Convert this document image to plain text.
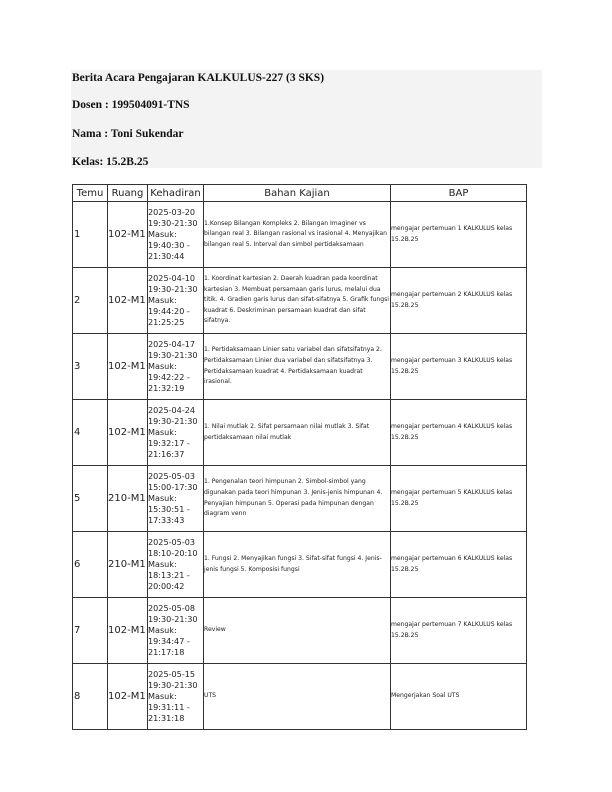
Berita Acara Pengajaran KALKULUS-227 (3 SKS)
Dosen : 199504091-TNS
Nama : Toni Sukendar
Kelas: 15.2B.25
Temu	Ruang	Kehadiran	Bahan Kajian	BAP
1	102-M1	2025-03-20 19:30-21:30 Masuk: 19:40:30 - 21:30:44	1.Konsep Bilangan Kompleks 2. Bilangan Imaginer vs bilangan real 3. Bilangan rasional vs irasional 4. Menyajikan bilangan real 5. Interval dan simbol pertidaksamaan	mengajar pertemuan 1 KALKULUS kelas 15.2B.25
2	102-M1	2025-04-10 19:30-21:30 Masuk: 19:44:20 - 21:25:25	1. Koordinat kartesian 2. Daerah kuadran pada koordinat kartesian 3. Membuat persamaan garis lurus, melalui dua titik. 4. Gradien garis lurus dan sifat-sifatnya 5. Grafik fungsi kuadrat 6. Deskriminan persamaan kuadrat dan sifat sifatnya.	mengajar pertemuan 2 KALKULUS kelas 15.2B.25
3	102-M1	2025-04-17 19:30-21:30 Masuk: 19:42:22 - 21:32:19	1. Pertidaksamaan Linier satu variabel dan sifatsifatnya 2. Pertidaksamaan Linier dua variabel dan sifatsifatnya 3. Pertidaksamaan kuadrat 4. Pertidaksamaan kuadrat irasional.	mengajar pertemuan 3 KALKULUS kelas 15.2B.25
4	102-M1	2025-04-24 19:30-21:30 Masuk: 19:32:17 - 21:16:37	1. Nilai mutlak 2. Sifat persamaan nilai mutlak 3. Sifat pertidaksamaan nilai mutlak	mengajar pertemuan 4 KALKULUS kelas 15.2B.25
5	210-M1	2025-05-03 15:00-17:30 Masuk: 15:30:51 - 17:33:43	1. Pengenalan teori himpunan 2. Simbol-simbol yang digunakan pada teori himpunan 3. Jenis-jenis himpunan 4. Penyajian himpunan 5. Operasi pada himpunan dengan diagram venn	mengajar pertemuan 5 KALKULUS kelas 15.2B.25
6	210-M1	2025-05-03 18:10-20:10 Masuk: 18:13:21 - 20:00:42	1. Fungsi 2. Menyajikan fungsi 3. Sifat-sifat fungsi 4. Jenis-jenis fungsi 5. Komposisi fungsi	mengajar pertemuan 6 KALKULUS kelas 15.2B.25
7	102-M1	2025-05-08 19:30-21:30 Masuk: 19:34:47 - 21:17:18	Review	mengajar pertemuan 7 KALKULUS kelas 15.2B.25
8	102-M1	2025-05-15 19:30-21:30 Masuk: 19:31:11 - 21:31:18	UTS	Mengerjakan Soal UTS
